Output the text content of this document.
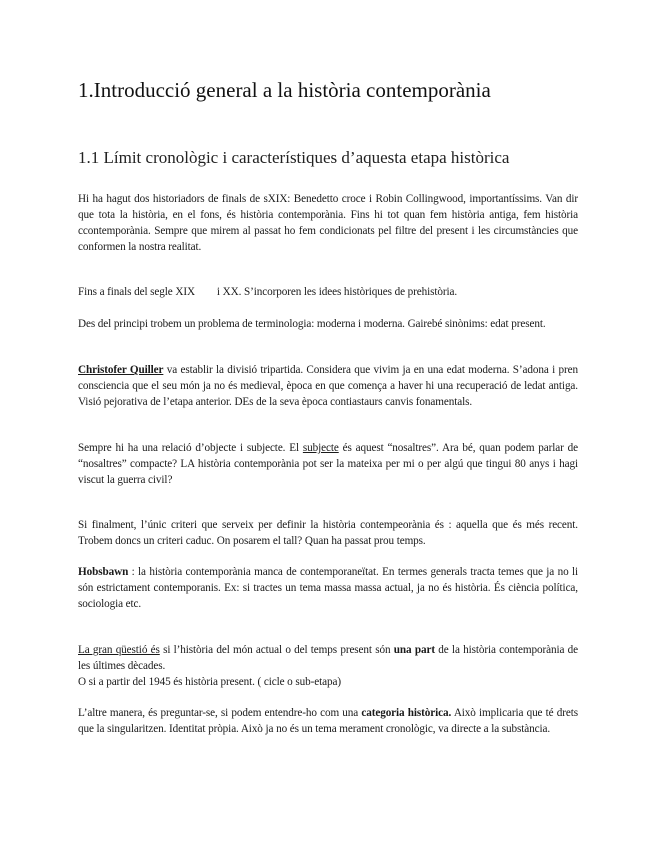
1.Introducció general a la història contemporània
1.1 Límit cronològic i característiques d’aquesta etapa històrica
Hi ha hagut dos historiadors de finals de sXIX: Benedetto croce i Robin Collingwood, importantíssims. Van dir que tota la història, en el fons, és història contemporània. Fins hi tot quan fem història antiga, fem història ccontemporània. Sempre que mirem al passat ho fem condicionats pel filtre del present i les circumstàncies que conformen la nostra realitat.
Fins a finals del segle XIX i XX. S’incorporen les idees històriques de prehistòria.
Des del principi trobem un problema de terminologia: moderna i moderna. Gairebé sinònims: edat present.
Christofer Quiller va establir la divisió tripartida. Considera que vivim ja en una edat moderna. S’adona i pren consciencia que el seu món ja no és medieval, època en que comença a haver hi una recuperació de ledat antiga. Visió pejorativa de l’etapa anterior. DEs de la seva època contiastaurs canvis fonamentals.
Sempre hi ha una relació d’objecte i subjecte. El subjecte és aquest “nosaltres”. Ara bé, quan podem parlar de “nosaltres” compacte? LA història contemporània pot ser la mateixa per mi o per algú que tingui 80 anys i hagi viscut la guerra civil?
Si finalment, l’únic criteri que serveix per definir la història contempeorània és : aquella que és més recent. Trobem doncs un criteri caduc. On posarem el tall? Quan ha passat prou temps.
Hobsbawn : la història contemporània manca de contemporaneïtat. En termes generals tracta temes que ja no li són estrictament contemporanis. Ex: si tractes un tema massa massa actual, ja no és història. És ciència política, sociologia etc.
La gran qüestió és si l’història del món actual o del temps present són una part de la història contemporània de les últimes dècades.
O si a partir del 1945 és història present. ( cicle o sub-etapa)
L’altre manera, és preguntar-se, si podem entendre-ho com una categoria històrica. Això implicaria que té drets que la singularitzen. Identitat pròpia. Això ja no és un tema merament cronològic, va directe a la substància.
